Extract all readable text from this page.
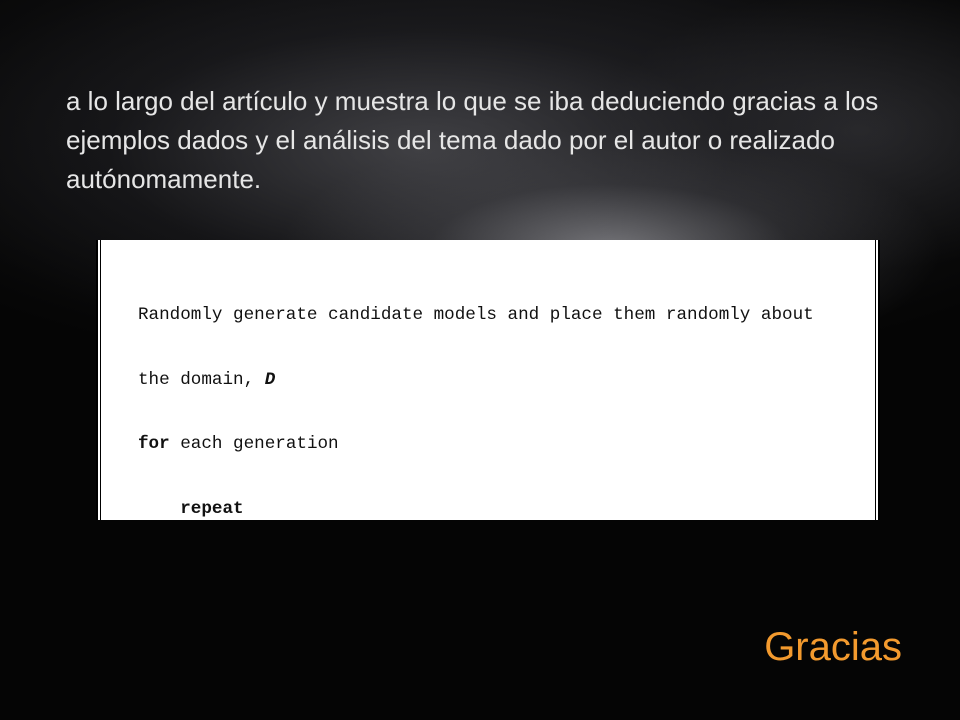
a lo largo del artículo y muestra lo que se iba deduciendo gracias a los ejemplos dados y el análisis del tema dado por el autor o realizado autónomamente.

Randomly generate candidate models and place them randomly about

the domain, D

for each generation

repeat

Gracias
